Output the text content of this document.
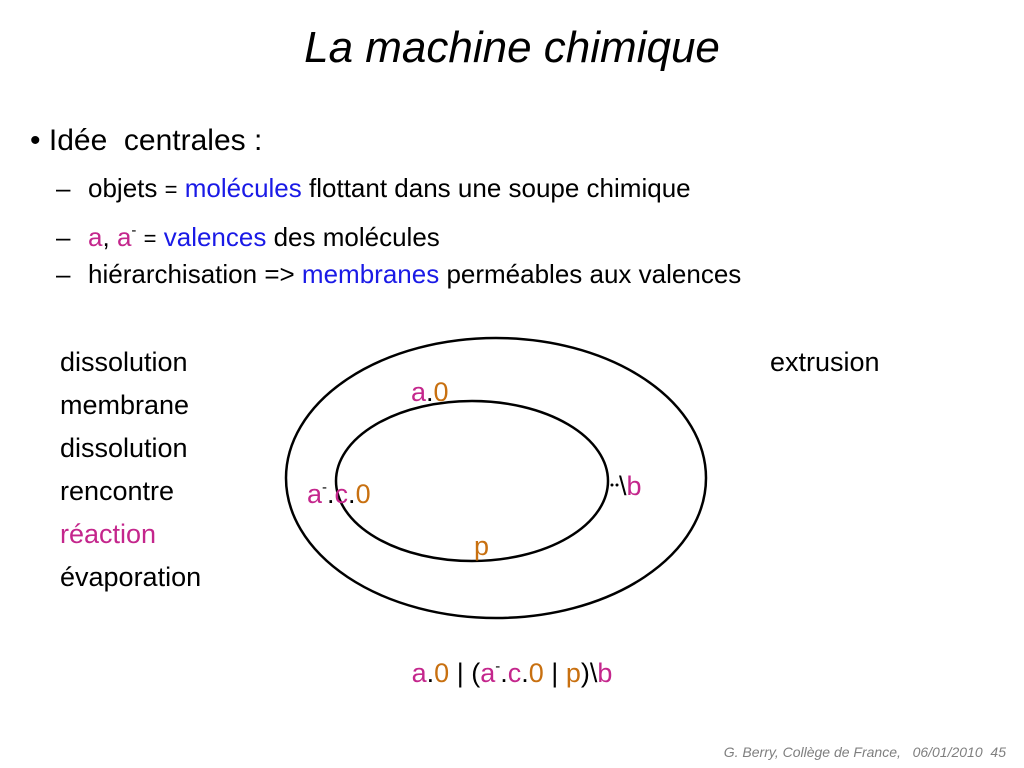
La machine chimique
• Idée  centrales :
– objets = molécules flottant dans une soupe chimique
– a, a- = valences des molécules
– hiérarchisation => membranes perméables aux valences
dissolution
membrane
dissolution
rencontre
réaction
évaporation
extrusion
a.0
a-.c.0
p
\b
a.0 | (a-.c.0 | p)\b
G. Berry, Collège de France, 06/01/2010 45
